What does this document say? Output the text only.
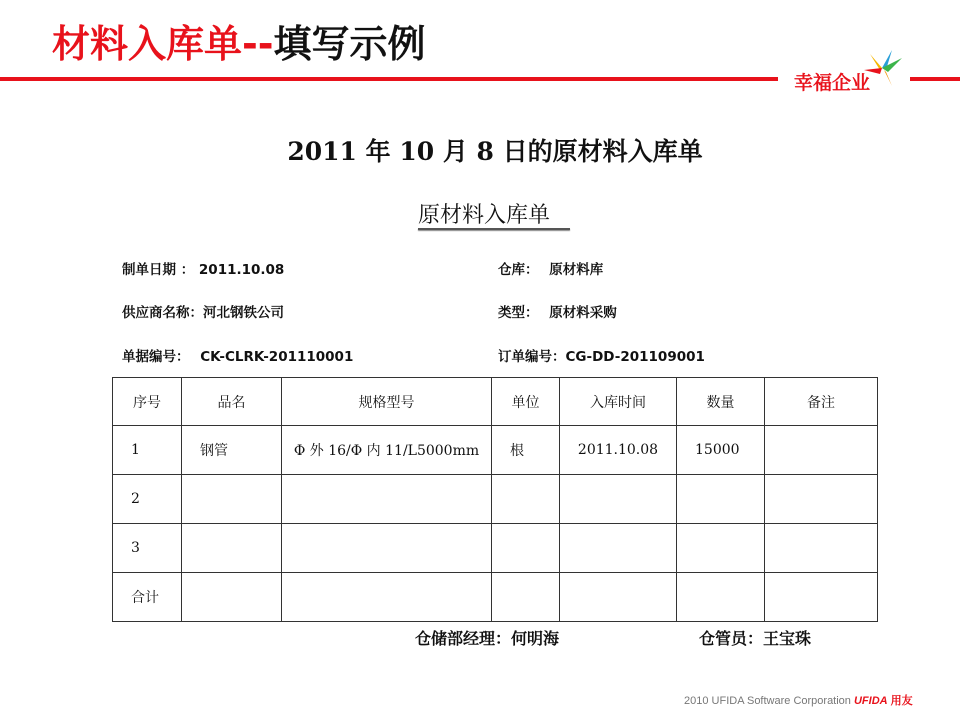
材料入库单--填写示例
幸福企业
2011 年 10 月 8 日的原材料入库单
原材料入库单
制单日期 ： 2011.10.08	仓库： 原材料库
供应商名称：河北钢铁公司	类型： 原材料采购
单据编号： CK-CLRK-201110001	订单编号：CG-DD-201109001
序号	品名	规格型号	单位	入库时间	数量	备注
1	钢管	Φ 外 16/Φ 内 11/L5000mm	根	2011.10.08	15000	
2						
3						
合计						
仓储部经理：何明海	仓管员：王宝珠
2010 UFIDA Software Corporation UFIDA 用友
